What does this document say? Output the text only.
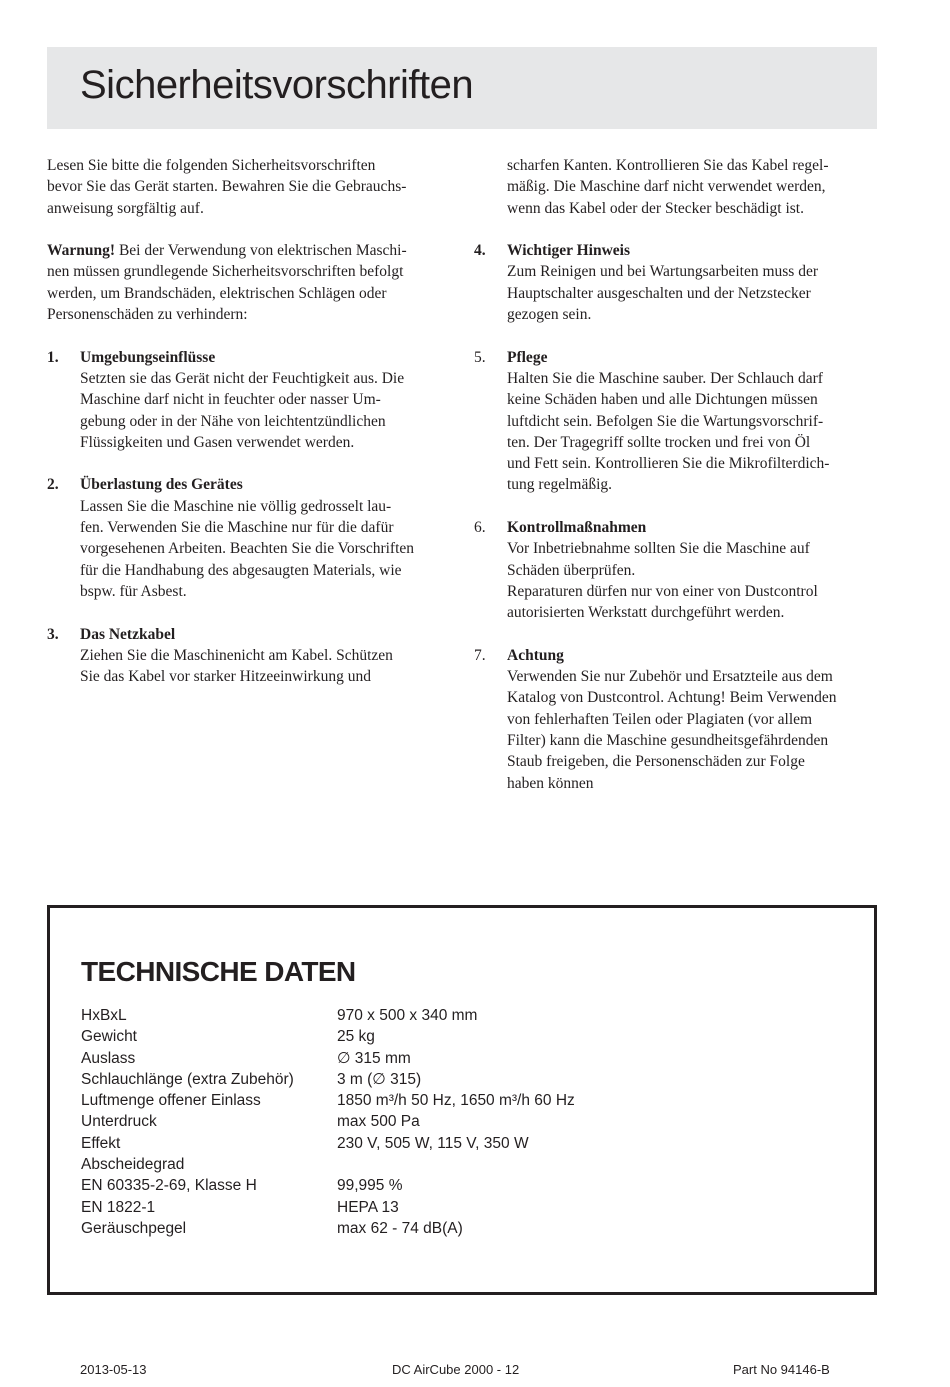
Sicherheitsvorschriften
Lesen Sie bitte die folgenden Sicherheitsvorschriften
bevor Sie das Gerät starten. Bewahren Sie die Gebrauchs-
anweisung sorgfältig auf.
Warnung! Bei der Verwendung von elektrischen Maschi-
nen müssen grundlegende Sicherheitsvorschriften befolgt
werden, um Brandschäden, elektrischen Schlägen oder
Personenschäden zu verhindern:
1.	Umgebungseinflüsse
Setzten sie das Gerät nicht der Feuchtigkeit aus. Die
Maschine darf nicht in feuchter oder nasser Um-
gebung oder in der Nähe von leichtentzündlichen
Flüssigkeiten und Gasen verwendet werden.
2.	Überlastung des Gerätes
Lassen Sie die Maschine nie völlig gedrosselt lau-
fen. Verwenden Sie die Maschine nur für die dafür
vorgesehenen Arbeiten. Beachten Sie die Vorschriften
für die Handhabung des abgesaugten Materials, wie
bspw. für Asbest.
3.	Das Netzkabel
Ziehen Sie die Maschinenicht am Kabel. Schützen
Sie das Kabel vor starker Hitzeeinwirkung und
scharfen Kanten. Kontrollieren Sie das Kabel regel-
mäßig. Die Maschine darf nicht verwendet werden,
wenn das Kabel oder der Stecker beschädigt ist.
4.	Wichtiger Hinweis
Zum Reinigen und bei Wartungsarbeiten muss der
Hauptschalter ausgeschalten und der Netzstecker
gezogen sein.
5.	Pflege
Halten Sie die Maschine sauber. Der Schlauch darf
keine Schäden haben und alle Dichtungen müssen
luftdicht sein. Befolgen Sie die Wartungsvorschrif-
ten. Der Tragegriff sollte trocken und frei von Öl
und Fett sein. Kontrollieren Sie die Mikrofilterdich-
tung regelmäßig.
6.	Kontrollmaßnahmen
Vor Inbetriebnahme sollten Sie die Maschine auf
Schäden überprüfen.
Reparaturen dürfen nur von einer von Dustcontrol
autorisierten Werkstatt durchgeführt werden.
7.	Achtung
Verwenden Sie nur Zubehör und Ersatzteile aus dem
Katalog von Dustcontrol. Achtung! Beim Verwenden
von fehlerhaften Teilen oder Plagiaten (vor allem
Filter) kann die Maschine gesundheitsgefährdenden
Staub freigeben, die Personenschäden zur Folge
haben können
TECHNISCHE DATEN
HxBxL	970 x 500 x 340 mm
Gewicht	25 kg
Auslass	∅ 315 mm
Schlauchlänge (extra Zubehör)	3 m (∅ 315)
Luftmenge offener Einlass	1850 m³/h 50 Hz, 1650 m³/h 60 Hz
Unterdruck	max 500 Pa
Effekt	230 V, 505 W, 115 V, 350 W
Abscheidegrad
EN 60335-2-69, Klasse H	99,995 %
EN 1822-1	HEPA 13
Geräuschpegel	max 62 - 74 dB(A)
2013-05-13	DC AirCube 2000 - 12	Part No 94146-B
